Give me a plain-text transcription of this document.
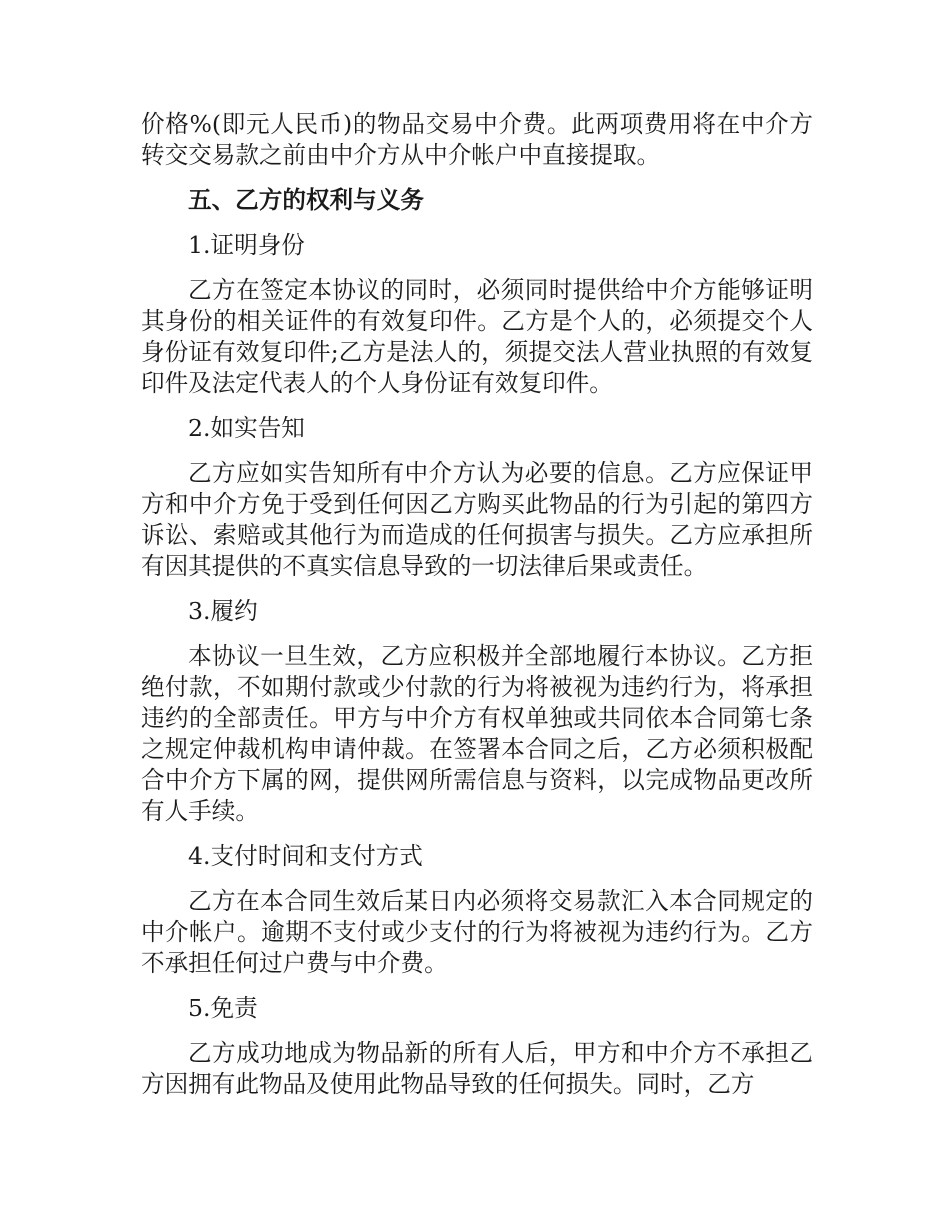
价格%(即元人民币)的物品交易中介费。此两项费用将在中介方转交交易款之前由中介方从中介帐户中直接提取。

五、乙方的权利与义务

1.证明身份

乙方在签定本协议的同时，必须同时提供给中介方能够证明其身份的相关证件的有效复印件。乙方是个人的，必须提交个人身份证有效复印件;乙方是法人的，须提交法人营业执照的有效复印件及法定代表人的个人身份证有效复印件。

2.如实告知

乙方应如实告知所有中介方认为必要的信息。乙方应保证甲方和中介方免于受到任何因乙方购买此物品的行为引起的第四方诉讼、索赔或其他行为而造成的任何损害与损失。乙方应承担所有因其提供的不真实信息导致的一切法律后果或责任。

3.履约

本协议一旦生效，乙方应积极并全部地履行本协议。乙方拒绝付款，不如期付款或少付款的行为将被视为违约行为，将承担违约的全部责任。甲方与中介方有权单独或共同依本合同第七条之规定仲裁机构申请仲裁。在签署本合同之后，乙方必须积极配合中介方下属的网，提供网所需信息与资料，以完成物品更改所有人手续。

4.支付时间和支付方式

乙方在本合同生效后某日内必须将交易款汇入本合同规定的中介帐户。逾期不支付或少支付的行为将被视为违约行为。乙方不承担任何过户费与中介费。

5.免责

乙方成功地成为物品新的所有人后，甲方和中介方不承担乙方因拥有此物品及使用此物品导致的任何损失。同时，乙方
